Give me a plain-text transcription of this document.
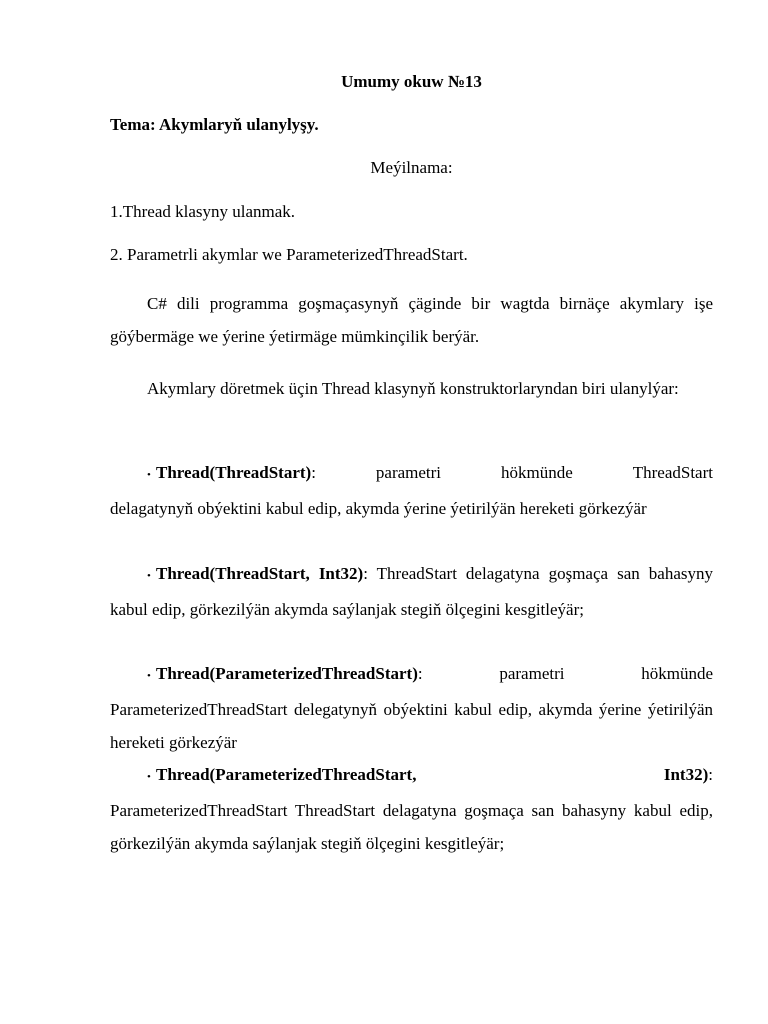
Umumy okuw №13
Tema: Akymlaryň ulanylyşy.
Meýilnama:
1.Thread klasyny ulanmak.
2. Parametrli akymlar we ParameterizedThreadStart.
C# dili programma goşmaçasynyň çäginde bir wagtda birnäçe akymlary işe göýbermäge we ýerine ýetirmäge mümkinçilik berýär.
Akymlary döretmek üçin Thread klasynyň konstruktorlaryndan biri ulanylýar:
• Thread(ThreadStart):	parametri	hökmünde	ThreadStart
delagatynyň obýektini kabul edip, akymda ýerine ýetirilýän hereketi görkezýär
• Thread(ThreadStart, Int32): ThreadStart delagatyna goşmaça san bahasyny kabul edip, görkezilýän akymda saýlanjak stegiň ölçegini kesgitleýär;
• Thread(ParameterizedThreadStart):	parametri	hökmünde
ParameterizedThreadStart delegatynyň obýektini kabul edip, akymda ýerine ýetirilýän hereketi görkezýär
• Thread(ParameterizedThreadStart,	Int32):
ParameterizedThreadStart ThreadStart delagatyna goşmaça san bahasyny kabul edip, görkezilýän akymda saýlanjak stegiň ölçegini kesgitleýär;
